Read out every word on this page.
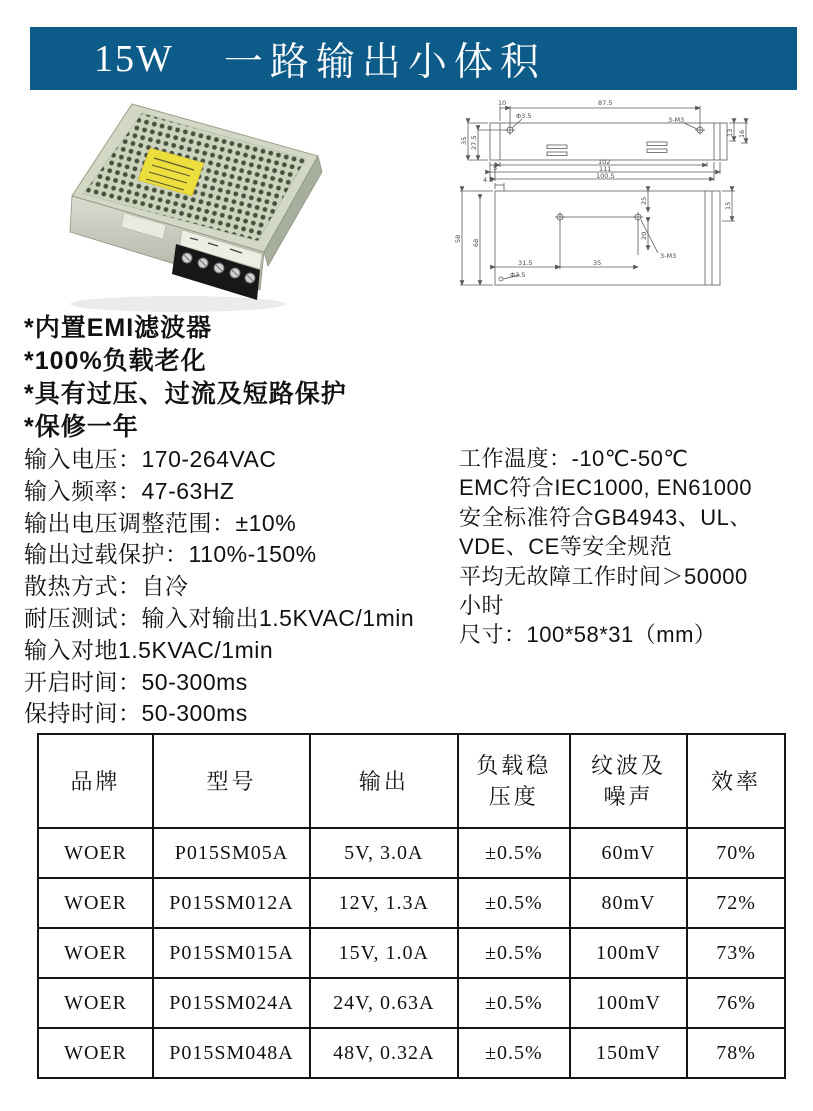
15W 一路输出小体积
10	87.5
Φ3.5	3-M3
35 27.5
5
102
111
100.5
13 16
4.5
25
20
31.5	35
Φ3.5
3-M3
58 68
15
*内置EMI滤波器
*100%负载老化
*具有过压、过流及短路保护
*保修一年
输入电压：170-264VAC
输入频率：47-63HZ
输出电压调整范围：±10%
输出过载保护：110%-150%
散热方式：自冷
耐压测试：输入对输出1.5KVAC/1min
输入对地1.5KVAC/1min
开启时间：50-300ms
保持时间：50-300ms
工作温度：-10℃-50℃
EMC符合IEC1000, EN61000
安全标准符合GB4943、UL、
VDE、CE等安全规范
平均无故障工作时间＞50000
小时
尺寸：100*58*31（mm）
品牌	型号	输出	负载稳压度	纹波及噪声	效率
WOER	P015SM05A	5V, 3.0A	±0.5%	60mV	70%
WOER	P015SM012A	12V, 1.3A	±0.5%	80mV	72%
WOER	P015SM015A	15V, 1.0A	±0.5%	100mV	73%
WOER	P015SM024A	24V, 0.63A	±0.5%	100mV	76%
WOER	P015SM048A	48V, 0.32A	±0.5%	150mV	78%
